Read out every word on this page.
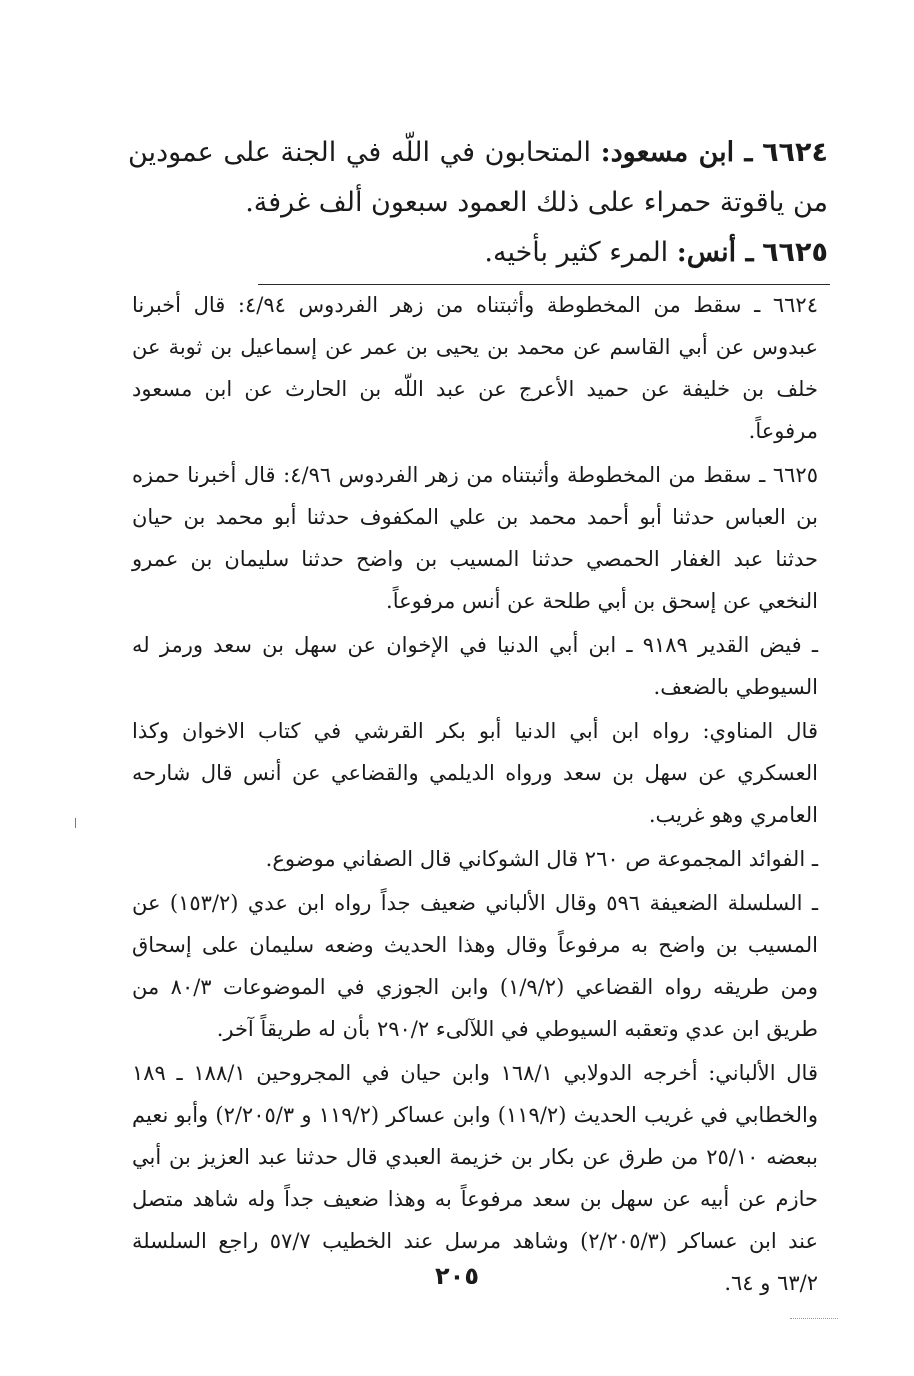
٦٦٢٤ ـ ابن مسعود: المتحابون في اللّه في الجنة على عمودين من ياقوتة حمراء على ذلك العمود سبعون ألف غرفة.

٦٦٢٥ ـ أنس: المرء كثير بأخيه.

٦٦٢٤ ـ سقط من المخطوطة وأثبتناه من زهر الفردوس ٤/٩٤: قال أخبرنا عبدوس عن أبي القاسم عن محمد بن يحيى بن عمر عن إسماعيل بن ثوبة عن خلف بن خليفة عن حميد الأعرج عن عبد اللّه بن الحارث عن ابن مسعود مرفوعاً.

٦٦٢٥ ـ سقط من المخطوطة وأثبتناه من زهر الفردوس ٤/٩٦: قال أخبرنا حمزه بن العباس حدثنا أبو أحمد محمد بن علي المكفوف حدثنا أبو محمد بن حيان حدثنا عبد الغفار الحمصي حدثنا المسيب بن واضح حدثنا سليمان بن عمرو النخعي عن إسحق بن أبي طلحة عن أنس مرفوعاً.

ـ فيض القدير ٩١٨٩ ـ ابن أبي الدنيا في الإخوان عن سهل بن سعد ورمز له السيوطي بالضعف.

قال المناوي: رواه ابن أبي الدنيا أبو بكر القرشي في كتاب الاخوان وكذا العسكري عن سهل بن سعد ورواه الديلمي والقضاعي عن أنس قال شارحه العامري وهو غريب.

ـ الفوائد المجموعة ص ٢٦٠ قال الشوكاني قال الصفاني موضوع.

ـ السلسلة الضعيفة ٥٩٦ وقال الألباني ضعيف جداً رواه ابن عدي (١٥٣/٢) عن المسيب بن واضح به مرفوعاً وقال وهذا الحديث وضعه سليمان على إسحاق ومن طريقه رواه القضاعي (١/٩/٢) وابن الجوزي في الموضوعات ٨٠/٣ من طريق ابن عدي وتعقبه السيوطي في اللآلىء ٢٩٠/٢ بأن له طريقاً آخر.

قال الألباني: أخرجه الدولابي ١٦٨/١ وابن حيان في المجروحين ١٨٨/١ ـ ١٨٩ والخطابي في غريب الحديث (١١٩/٢) وابن عساكر (١١٩/٢ و ٢/٢٠٥/٣) وأبو نعيم ببعضه ٢٥/١٠ من طرق عن بكار بن خزيمة العبدي قال حدثنا عبد العزيز بن أبي حازم عن أبيه عن سهل بن سعد مرفوعاً به وهذا ضعيف جداً وله شاهد متصل عند ابن عساكر (٢/٢٠٥/٣) وشاهد مرسل عند الخطيب ٥٧/٧ راجع السلسلة ٦٣/٢ و ٦٤.

٢٠٥
